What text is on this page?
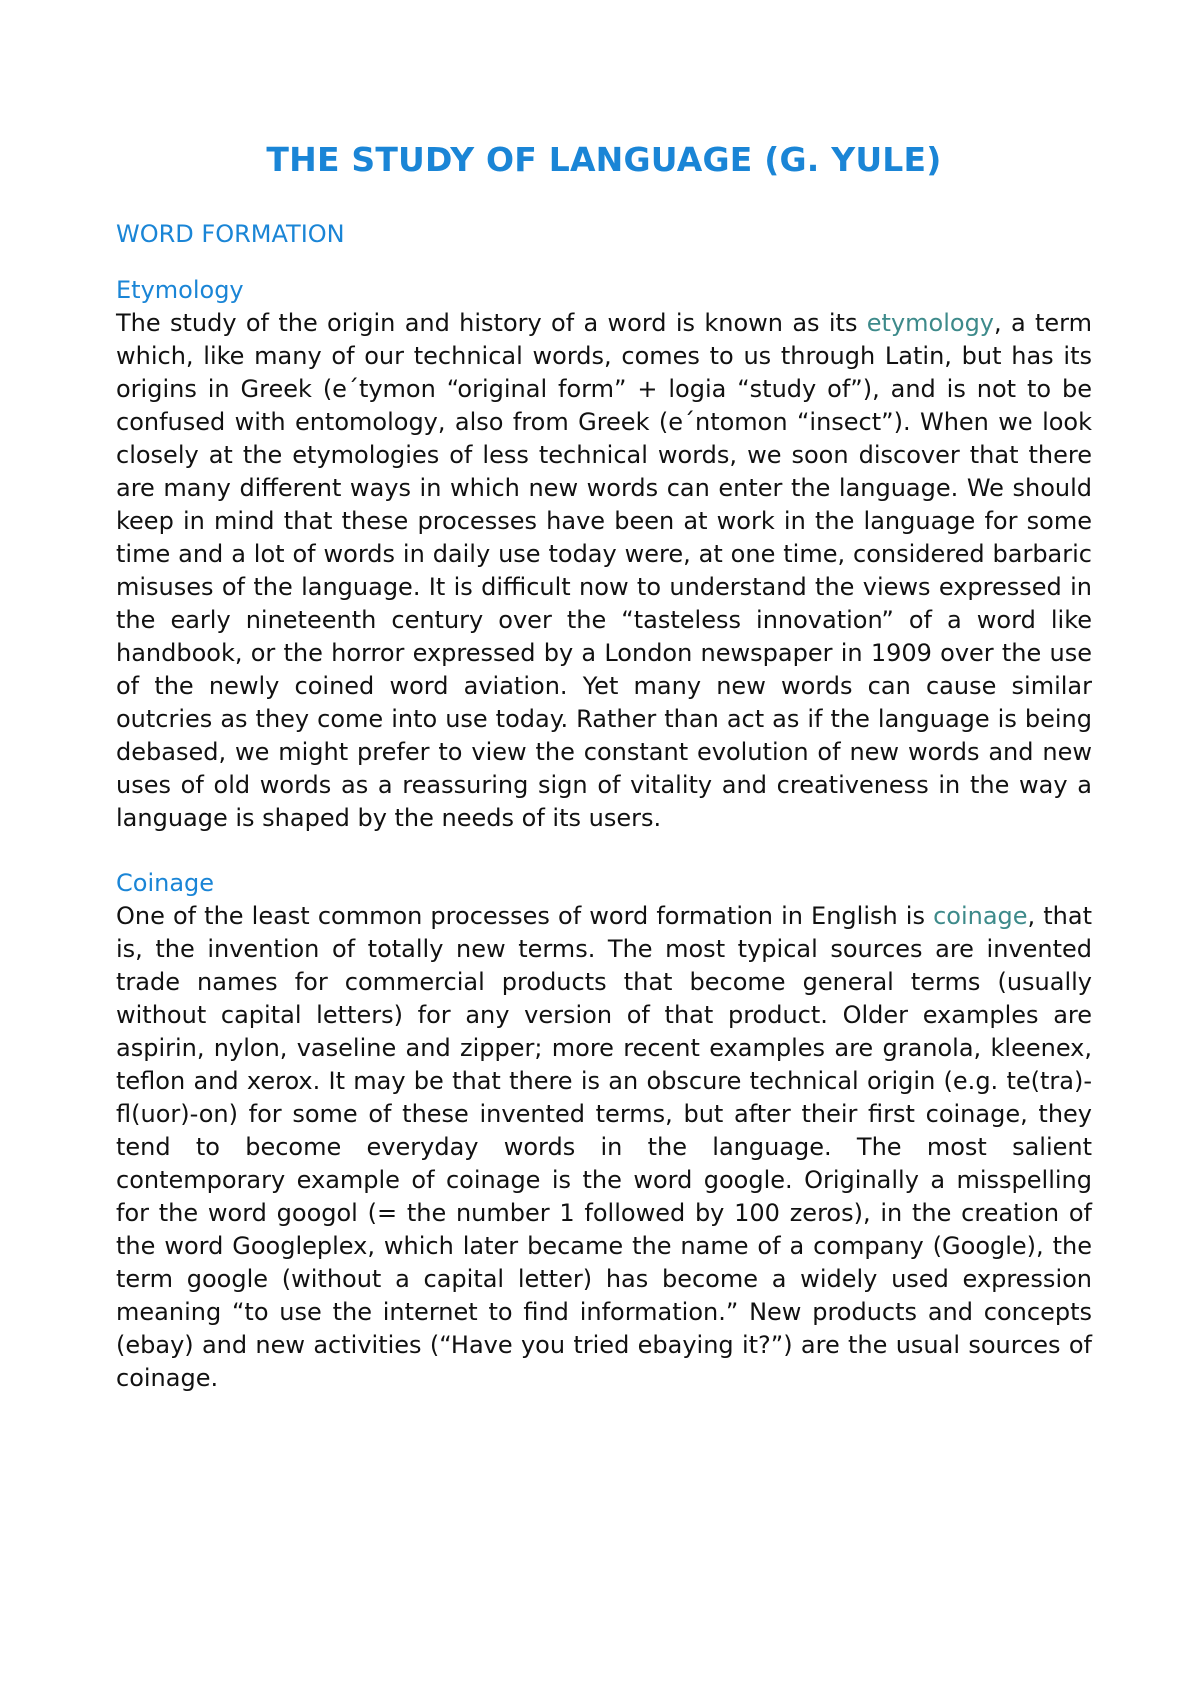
THE STUDY OF LANGUAGE (G. YULE)
WORD FORMATION
Etymology

The study of the origin and history of a word is known as its etymology, a term which, like many of our technical words, comes to us through Latin, but has its origins in Greek (e´tymon “original form” + logia “study of”), and is not to be confused with entomology, also from Greek (e´ntomon “insect”). When we look closely at the etymologies of less technical words, we soon discover that there are many different ways in which new words can enter the language. We should keep in mind that these processes have been at work in the language for some time and a lot of words in daily use today were, at one time, considered barbaric misuses of the language. It is difficult now to understand the views expressed in the early nineteenth century over the “tasteless innovation” of a word like handbook, or the horror expressed by a London newspaper in 1909 over the use of the newly coined word aviation. Yet many new words can cause similar outcries as they come into use today. Rather than act as if the language is being debased, we might prefer to view the constant evolution of new words and new uses of old words as a reassuring sign of vitality and creativeness in the way a language is shaped by the needs of its users.

Coinage

One of the least common processes of word formation in English is coinage, that is, the invention of totally new terms. The most typical sources are invented trade names for commercial products that become general terms (usually without capital letters) for any version of that product. Older examples are aspirin, nylon, vaseline and zipper; more recent examples are granola, kleenex, teflon and xerox. It may be that there is an obscure technical origin (e.g. te(tra)-fl(uor)-on) for some of these invented terms, but after their first coinage, they tend to become everyday words in the language. The most salient contemporary example of coinage is the word google. Originally a misspelling for the word googol (= the number 1 followed by 100 zeros), in the creation of the word Googleplex, which later became the name of a company (Google), the term google (without a capital letter) has become a widely used expression meaning “to use the internet to find information.” New products and concepts (ebay) and new activities (“Have you tried ebaying it?”) are the usual sources of coinage.
